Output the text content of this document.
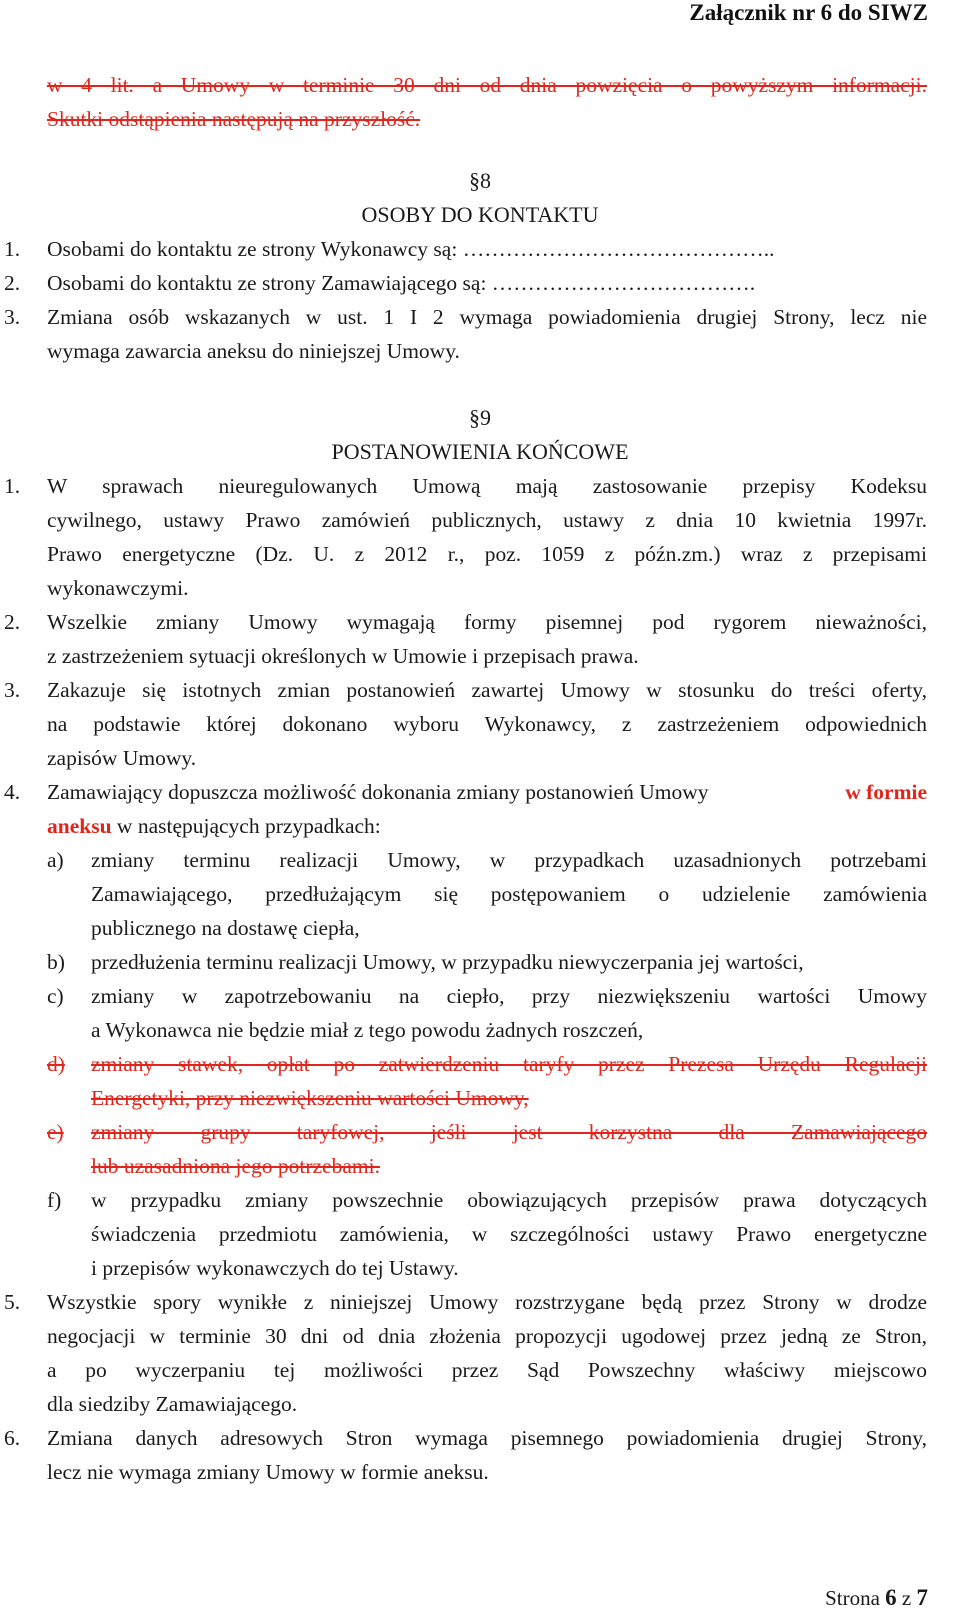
Załącznik nr 6 do SIWZ
w 4 lit. a Umowy w terminie 30 dni od dnia powzięcia o powyższym informacji.
Skutki odstąpienia następują na przyszłość.
§8
OSOBY DO KONTAKTU
1. Osobami do kontaktu ze strony Wykonawcy są: ……………………………………..
2. Osobami do kontaktu ze strony Zamawiającego są: ……………………………….
3. Zmiana osób wskazanych w ust. 1 I 2 wymaga powiadomienia drugiej Strony, lecz nie
wymaga zawarcia aneksu do niniejszej Umowy.
§9
POSTANOWIENIA KOŃCOWE
1. W sprawach nieuregulowanych Umową mają zastosowanie przepisy Kodeksu
cywilnego, ustawy Prawo zamówień publicznych, ustawy z dnia 10 kwietnia 1997r.
Prawo energetyczne (Dz. U. z 2012 r., poz. 1059 z późn.zm.) wraz z przepisami
wykonawczymi.
2. Wszelkie zmiany Umowy wymagają formy pisemnej pod rygorem nieważności,
z zastrzeżeniem sytuacji określonych w Umowie i przepisach prawa.
3. Zakazuje się istotnych zmian postanowień zawartej Umowy w stosunku do treści oferty,
na podstawie której dokonano wyboru Wykonawcy, z zastrzeżeniem odpowiednich
zapisów Umowy.
4. Zamawiający dopuszcza możliwość dokonania zmiany postanowień Umowy	w formie
aneksu w następujących przypadkach:
a) zmiany terminu realizacji Umowy, w przypadkach uzasadnionych potrzebami
Zamawiającego, przedłużającym się postępowaniem o udzielenie zamówienia
publicznego na dostawę ciepła,
b) przedłużenia terminu realizacji Umowy, w przypadku niewyczerpania jej wartości,
c) zmiany w zapotrzebowaniu na ciepło, przy niezwiększeniu wartości Umowy
a Wykonawca nie będzie miał z tego powodu żadnych roszczeń,
d) zmiany stawek, opłat po zatwierdzeniu taryfy przez Prezesa Urzędu Regulacji
Energetyki, przy niezwiększeniu wartości Umowy,
e) zmiany grupy taryfowej, jeśli jest korzystna dla Zamawiającego
lub uzasadniona jego potrzebami.
f) w przypadku zmiany powszechnie obowiązujących przepisów prawa dotyczących
świadczenia przedmiotu zamówienia, w szczególności ustawy Prawo energetyczne
i przepisów wykonawczych do tej Ustawy.
5. Wszystkie spory wynikłe z niniejszej Umowy rozstrzygane będą przez Strony w drodze
negocjacji w terminie 30 dni od dnia złożenia propozycji ugodowej przez jedną ze Stron,
a po wyczerpaniu tej możliwości przez Sąd Powszechny właściwy miejscowo
dla siedziby Zamawiającego.
6. Zmiana danych adresowych Stron wymaga pisemnego powiadomienia drugiej Strony,
lecz nie wymaga zmiany Umowy w formie aneksu.
Strona 6 z 7
